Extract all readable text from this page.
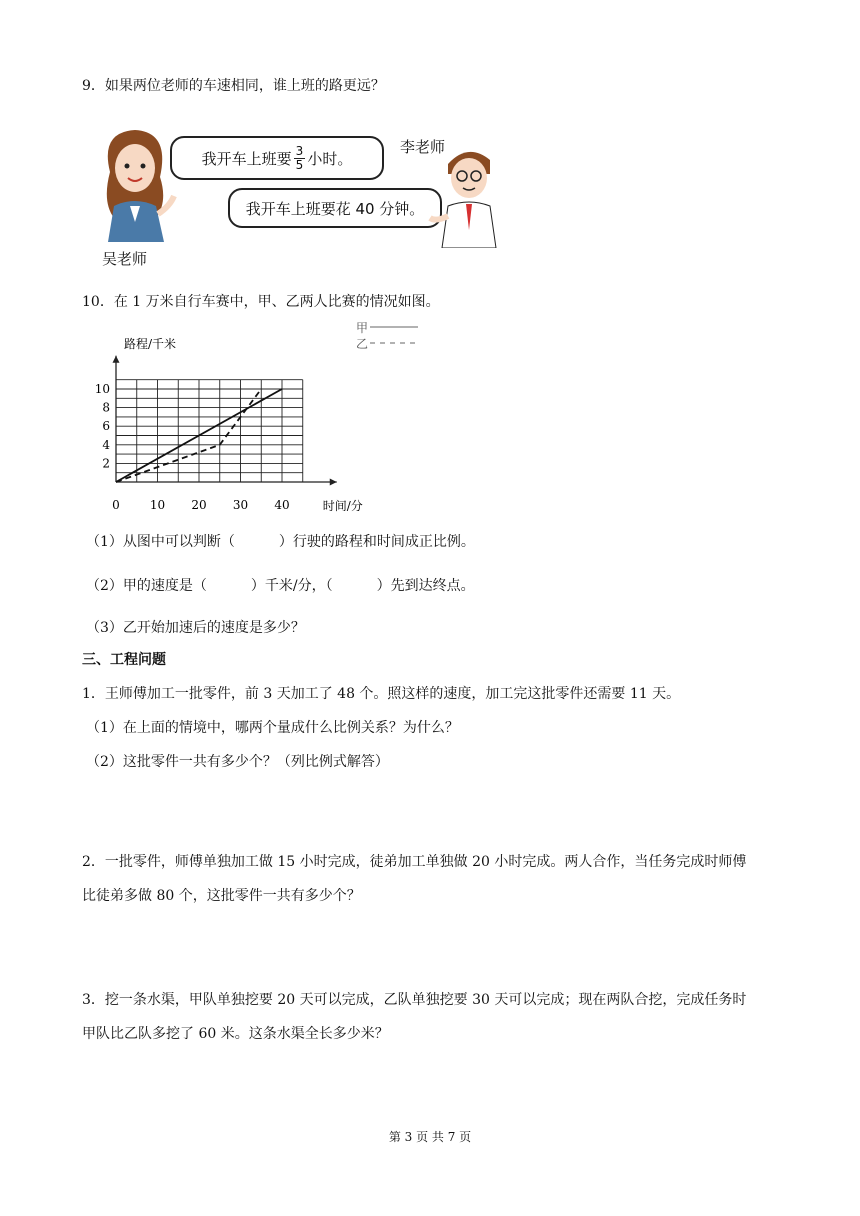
9．如果两位老师的车速相同，谁上班的路更远？
我开车上班要 $\frac{3}{5}$ 小时。
我开车上班要花 40 分钟。
李老师
吴老师
10．在 1 万米自行车赛中，甲、乙两人比赛的情况如图。
甲
乙
路程/千米
时间/分
0	10 20 30 40
2
4
6
8
10
（1）从图中可以判断（	）行驶的路程和时间成正比例。
（2）甲的速度是（	）千米/分，（	）先到达终点。
（3）乙开始加速后的速度是多少？
三、工程问题
1．王师傅加工一批零件，前 3 天加工了 48 个。照这样的速度，加工完这批零件还需要 11 天。
（1）在上面的情境中，哪两个量成什么比例关系？为什么？
（2）这批零件一共有多少个？（列比例式解答）
2．一批零件，师傅单独加工做 15 小时完成，徒弟加工单独做 20 小时完成。两人合作，当任务完成时师傅
比徒弟多做 80 个，这批零件一共有多少个？
3．挖一条水渠，甲队单独挖要 20 天可以完成，乙队单独挖要 30 天可以完成；现在两队合挖，完成任务时
甲队比乙队多挖了 60 米。这条水渠全长多少米？
第 3 页 共 7 页
